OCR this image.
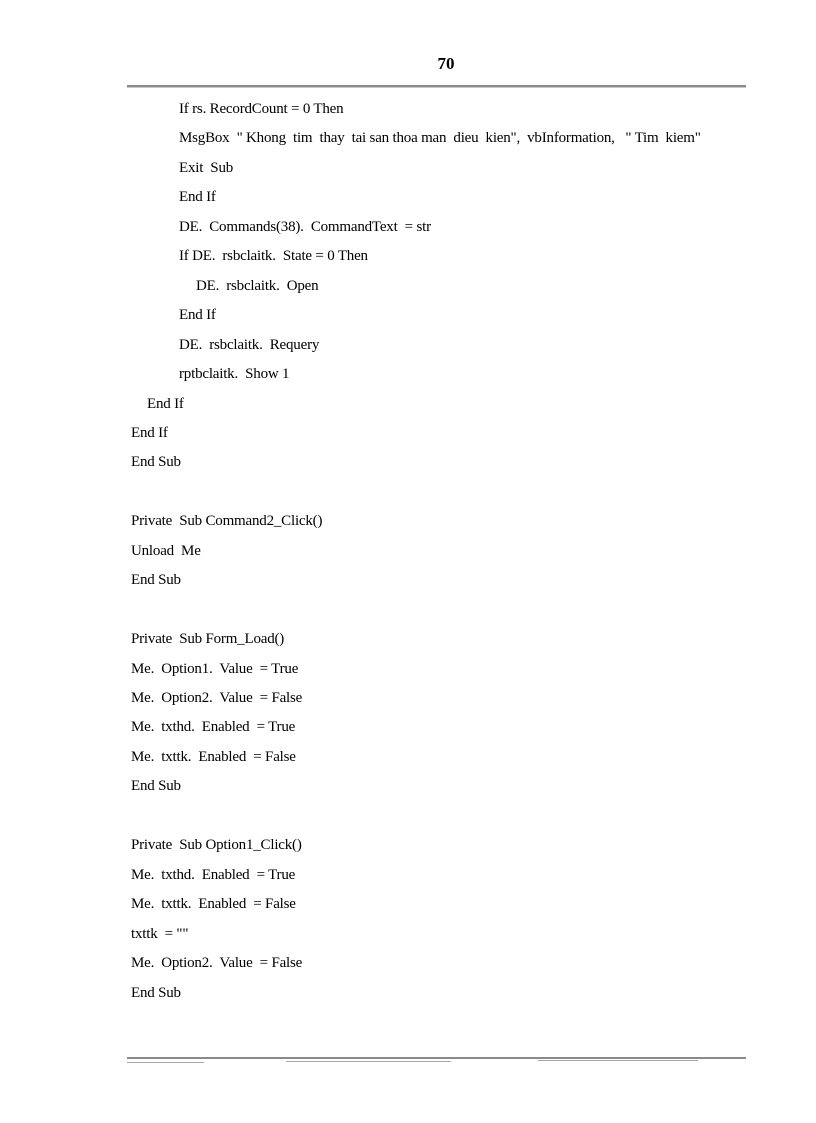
70
If rs. RecordCount = 0 Then
MsgBox  " Khong  tim  thay  tai san thoa man  dieu  kien",  vbInformation,   " Tim  kiem"
Exit  Sub
End If
DE.  Commands(38).  CommandText  = str
If DE.  rsbclaitk.  State = 0 Then
DE.  rsbclaitk.  Open
End If
DE.  rsbclaitk.  Requery
rptbclaitk.  Show 1
End If
End If
End Sub
Private  Sub Command2_Click()
Unload  Me
End Sub
Private  Sub Form_Load()
Me.  Option1.  Value  = True
Me.  Option2.  Value  = False
Me.  txthd.  Enabled  = True
Me.  txttk.  Enabled  = False
End Sub
Private  Sub Option1_Click()
Me.  txthd.  Enabled  = True
Me.  txttk.  Enabled  = False
txttk  = ""
Me.  Option2.  Value  = False
End Sub
